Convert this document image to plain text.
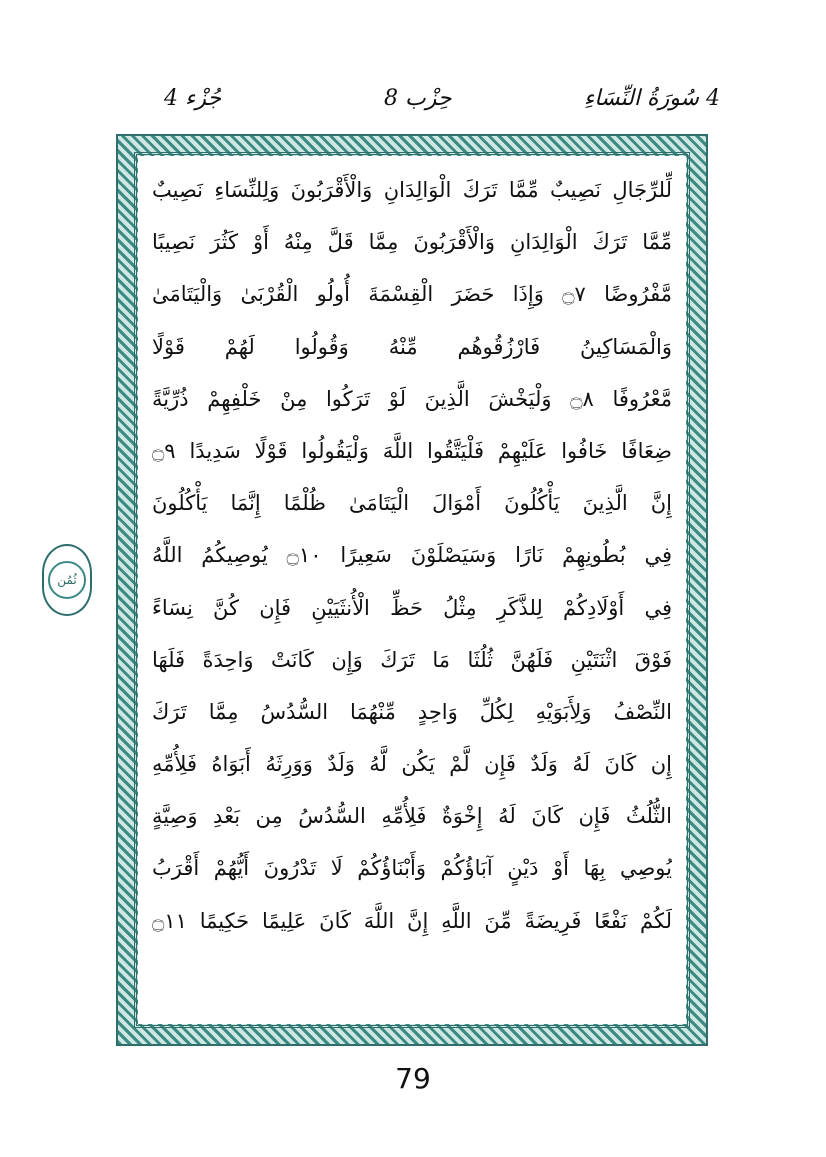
جُزْء 4	حِزْب 8	4 سُورَةُ النِّسَاءِ
لِّلرِّجَالِ نَصِيبٌ مِّمَّا تَرَكَ الْوَالِدَانِ وَالْأَقْرَبُونَ وَلِلنِّسَاءِ نَصِيبٌ
مِّمَّا تَرَكَ الْوَالِدَانِ وَالْأَقْرَبُونَ مِمَّا قَلَّ مِنْهُ أَوْ كَثُرَ نَصِيبًا
مَّفْرُوضًا ۝٧ وَإِذَا حَضَرَ الْقِسْمَةَ أُولُو الْقُرْبَىٰ وَالْيَتَامَىٰ
وَالْمَسَاكِينُ فَارْزُقُوهُم مِّنْهُ وَقُولُوا لَهُمْ قَوْلًا
مَّعْرُوفًا ۝٨ وَلْيَخْشَ الَّذِينَ لَوْ تَرَكُوا مِنْ خَلْفِهِمْ ذُرِّيَّةً
ضِعَافًا خَافُوا عَلَيْهِمْ فَلْيَتَّقُوا اللَّهَ وَلْيَقُولُوا قَوْلًا سَدِيدًا ۝٩
إِنَّ الَّذِينَ يَأْكُلُونَ أَمْوَالَ الْيَتَامَىٰ ظُلْمًا إِنَّمَا يَأْكُلُونَ
فِي بُطُونِهِمْ نَارًا وَسَيَصْلَوْنَ سَعِيرًا ۝١٠ يُوصِيكُمُ اللَّهُ
فِي أَوْلَادِكُمْ لِلذَّكَرِ مِثْلُ حَظِّ الْأُنثَيَيْنِ فَإِن كُنَّ نِسَاءً
فَوْقَ اثْنَتَيْنِ فَلَهُنَّ ثُلُثَا مَا تَرَكَ وَإِن كَانَتْ وَاحِدَةً فَلَهَا
النِّصْفُ وَلِأَبَوَيْهِ لِكُلِّ وَاحِدٍ مِّنْهُمَا السُّدُسُ مِمَّا تَرَكَ
إِن كَانَ لَهُ وَلَدٌ فَإِن لَّمْ يَكُن لَّهُ وَلَدٌ وَوَرِثَهُ أَبَوَاهُ فَلِأُمِّهِ
الثُّلُثُ فَإِن كَانَ لَهُ إِخْوَةٌ فَلِأُمِّهِ السُّدُسُ مِن بَعْدِ وَصِيَّةٍ
يُوصِي بِهَا أَوْ دَيْنٍ آبَاؤُكُمْ وَأَبْنَاؤُكُمْ لَا تَدْرُونَ أَيُّهُمْ أَقْرَبُ
لَكُمْ نَفْعًا فَرِيضَةً مِّنَ اللَّهِ إِنَّ اللَّهَ كَانَ عَلِيمًا حَكِيمًا ۝١١
ثُمُن
79
